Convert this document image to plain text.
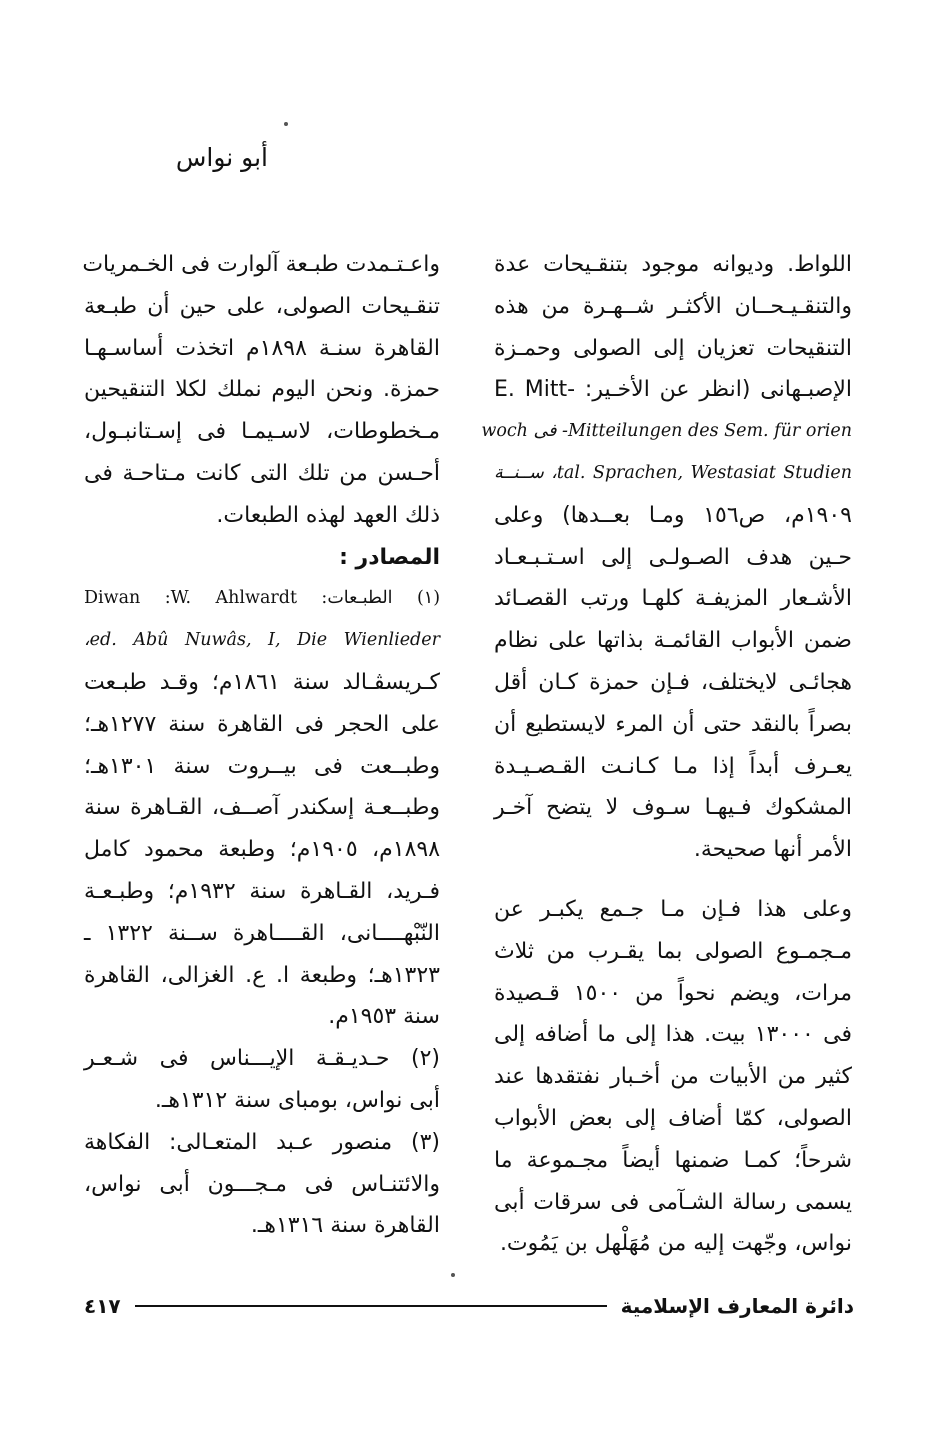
أبو نواس
اللواط. وديوانه موجود بتنقـيحات عدة
والتنقـيـحــان الأكثـر شــهـرة من هذه
التنقيحات تعزيان إلى الصولى وحمـزة
الإصبـهانى (انظر عن الأخـير: -E. Mitt
Mitteilungen des Sem. für orien- فى woch
tal. Sprachen, Westasiat Studien، ســنــة
١٩٠٩م، ص١٥٦ ومـا بعــدها) وعلى
حـين هدف الصـولـى إلى اسـتـبـعـاد
الأشـعار المزيفـة كلهـا ورتب القصـائد
ضمن الأبواب القائمـة بذاتها على نظام
هجائـى لايختلف، فـإن حمزة كـان أقل
بصراً بالنقد حتى أن المرء لايستطيع أن
يعـرف أبداً إذا مـا كـانـت القـصـيـدة
المشكوك فـيهـا سـوف لا يتضح آخـر
الأمر أنها صحيحة.
وعلى هذا فـإن مـا جـمع يكبـر عن
مـجمـوع الصولى بما يقـرب من ثلاث
مرات، ويضم نحواً من ١٥٠٠ قـصيدة
فى ١٣٠٠٠ بيت. هذا إلى ما أضافه إلى
كثير من الأبيات من أخـبار نفتقدها عند
الصولى، كمّا أضاف إلى بعض الأبواب
شرحاً؛ كمـا ضمنها أيضاً مجـموعة ما
يسمى رسالة الشـآمى فى سرقات أبى
نواس، وجّهت إليه من مُهَلْهل بن يَمُوت.
واعـتـمدت طبـعة آلوارت فى الخـمريات
تنقـيحات الصولى، على حين أن طبـعة
القاهرة سنـة ١٨٩٨م اتخذت أساسـهـا
حمزة. ونحن اليوم نملك لكلا التنقيحين
مـخطوطات، لاسـيمـا فى إسـتانبـول،
أحـسن من تلك التى كانت مـتاحـة فى
ذلك العهد لهذه الطبعات.
المصادر :
(١) الطبـعات: Diwan :W. Ahlwardt
ed. Abû Nuwâs, I, Die Wienlieder،
كـريسڤـالد سنة ١٨٦١م؛ وقـد طبـعت
على الحجر فى القاهرة سنة ١٢٧٧هـ؛
وطبــعت فى بيــروت سنة ١٣٠١هـ؛
وطبــعـة إسكندر آصــف، القـاهرة سنة
١٨٩٨م، ١٩٠٥م؛ وطبعة محمود كامل
فـريد، القـاهرة سنة ١٩٣٢م؛ وطبـعـة
النّبْهــــانى، القــــاهرة ســنة ١٣٢٢ ـ
١٣٢٣هـ؛ وطبعة ا. ع. الغزالى، القاهرة
سنة ١٩٥٣م.
(٢) حـديـقـة الإيـــناس فى شـعـر
أبى نواس، بومباى سنة ١٣١٢هـ.
(٣) منصور عـبد المتعـالى: الفكاهة
والائتنـاس فى مـجـــون أبى نواس،
القاهرة سنة ١٣١٦هـ.
دائرة المعارف الإسلامية
٤١٧
